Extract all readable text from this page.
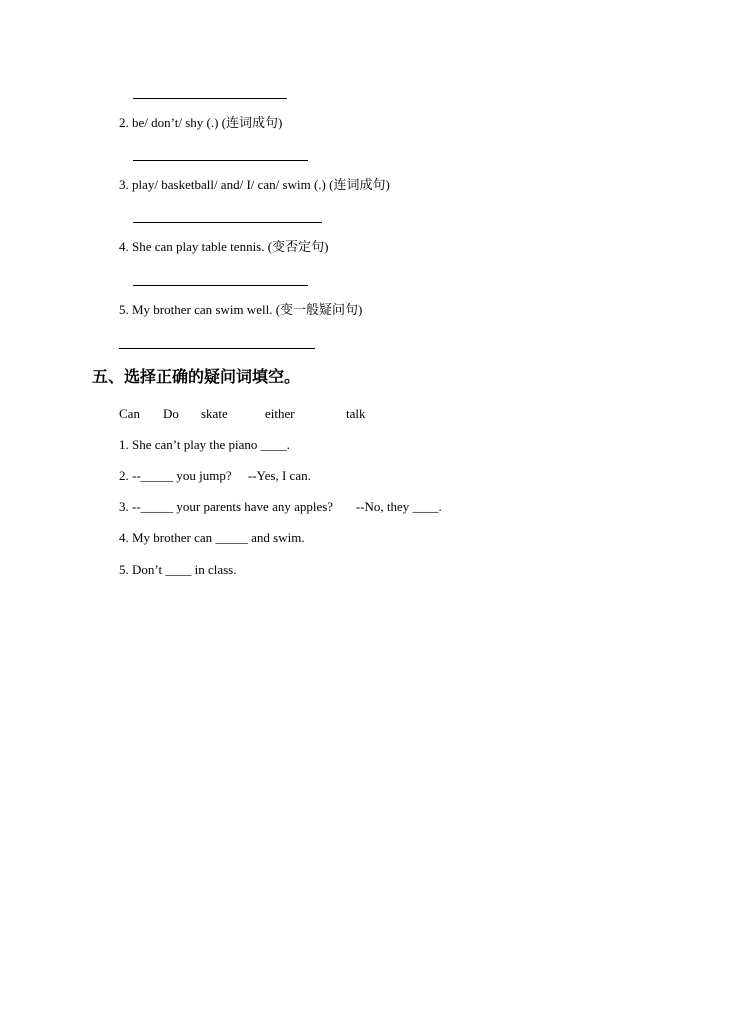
2. be/ don’t/ shy (.) (连词成句)
3. play/ basketball/ and/ I/ can/ swim (.) (连词成句)
4. She can play table tennis. (变否定句)
5. My brother can swim well. (变一般疑问句)
五、选择正确的疑问词填空。
Can Do skate	either	talk
1. She can’t play the piano ____.
2. --_____ you jump?     --Yes, I can.
3. --_____ your parents have any apples?       --No, they ____.
4. My brother can _____ and swim.
5. Don’t ____ in class.
